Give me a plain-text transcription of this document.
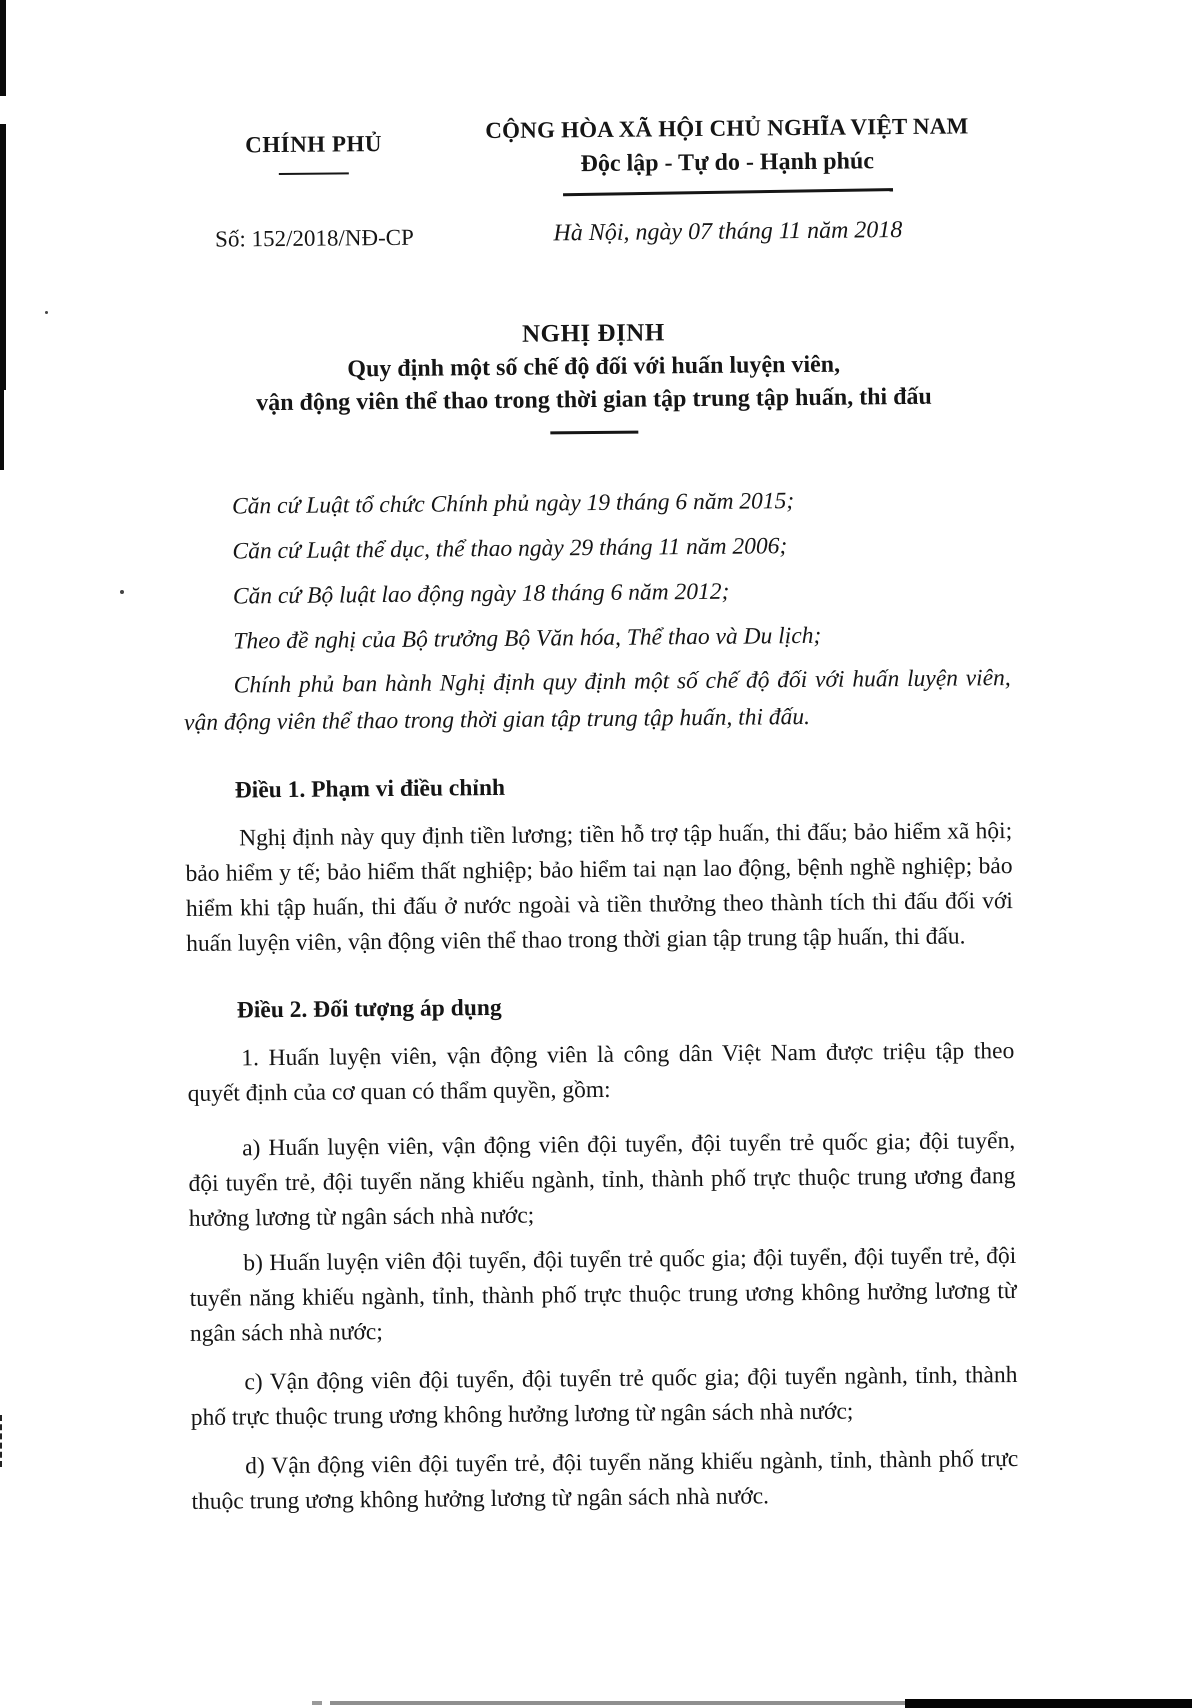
CHÍNH PHỦ
Số: 152/2018/NĐ-CP
CỘNG HÒA XÃ HỘI CHỦ NGHĨA VIỆT NAM
Độc lập - Tự do - Hạnh phúc
Hà Nội, ngày 07 tháng 11 năm 2018
NGHỊ ĐỊNH
Quy định một số chế độ đối với huấn luyện viên,
vận động viên thể thao trong thời gian tập trung tập huấn, thi đấu

Căn cứ Luật tổ chức Chính phủ ngày 19 tháng 6 năm 2015;

Căn cứ Luật thể dục, thể thao ngày 29 tháng 11 năm 2006;

Căn cứ Bộ luật lao động ngày 18 tháng 6 năm 2012;

Theo đề nghị của Bộ trưởng Bộ Văn hóa, Thể thao và Du lịch;

Chính phủ ban hành Nghị định quy định một số chế độ đối với huấn luyện viên, vận động viên thể thao trong thời gian tập trung tập huấn, thi đấu.

Điều 1. Phạm vi điều chỉnh

Nghị định này quy định tiền lương; tiền hỗ trợ tập huấn, thi đấu; bảo hiểm xã hội; bảo hiểm y tế; bảo hiểm thất nghiệp; bảo hiểm tai nạn lao động, bệnh nghề nghiệp; bảo hiểm khi tập huấn, thi đấu ở nước ngoài và tiền thưởng theo thành tích thi đấu đối với huấn luyện viên, vận động viên thể thao trong thời gian tập trung tập huấn, thi đấu.

Điều 2. Đối tượng áp dụng

1. Huấn luyện viên, vận động viên là công dân Việt Nam được triệu tập theo quyết định của cơ quan có thẩm quyền, gồm:

a) Huấn luyện viên, vận động viên đội tuyển, đội tuyển trẻ quốc gia; đội tuyển, đội tuyển trẻ, đội tuyển năng khiếu ngành, tỉnh, thành phố trực thuộc trung ương đang hưởng lương từ ngân sách nhà nước;

b) Huấn luyện viên đội tuyển, đội tuyển trẻ quốc gia; đội tuyển, đội tuyển trẻ, đội tuyển năng khiếu ngành, tỉnh, thành phố trực thuộc trung ương không hưởng lương từ ngân sách nhà nước;

c) Vận động viên đội tuyển, đội tuyển trẻ quốc gia; đội tuyển ngành, tỉnh, thành phố trực thuộc trung ương không hưởng lương từ ngân sách nhà nước;

d) Vận động viên đội tuyển trẻ, đội tuyển năng khiếu ngành, tỉnh, thành phố trực thuộc trung ương không hưởng lương từ ngân sách nhà nước.
